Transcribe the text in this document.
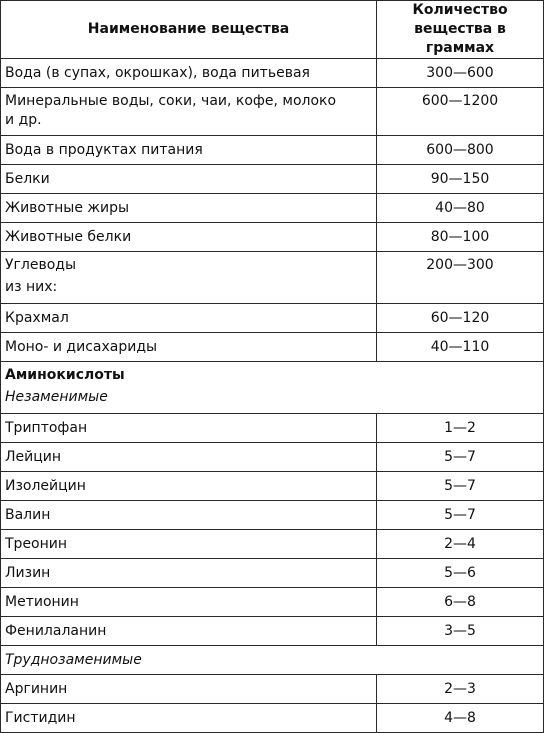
Наименование вещества	Количество
вещества в граммах

Вода (в супах, окрошках), вода питьевая	300—600

Минеральные воды, соки, чаи, кофе, молоко
и др.	600—1200
Вода в продуктах питания	600—800
Белки	90—150
Животные жиры	40—80
Животные белки	80—100

Углеводы
из них:	200—300
Крахмал	60—120
Моно- и дисахариды	40—110

Аминокислоты
Незаменимые	

Триптофан	1—2
Лейцин	5—7
Изолейцин	5—7
Валин	5—7
Треонин	2—4
Лизин	5—6
Метионин	6—8
Фенилаланин	3—5
Труднозаменимые	
Аргинин	2—3
Гистидин	4—8
